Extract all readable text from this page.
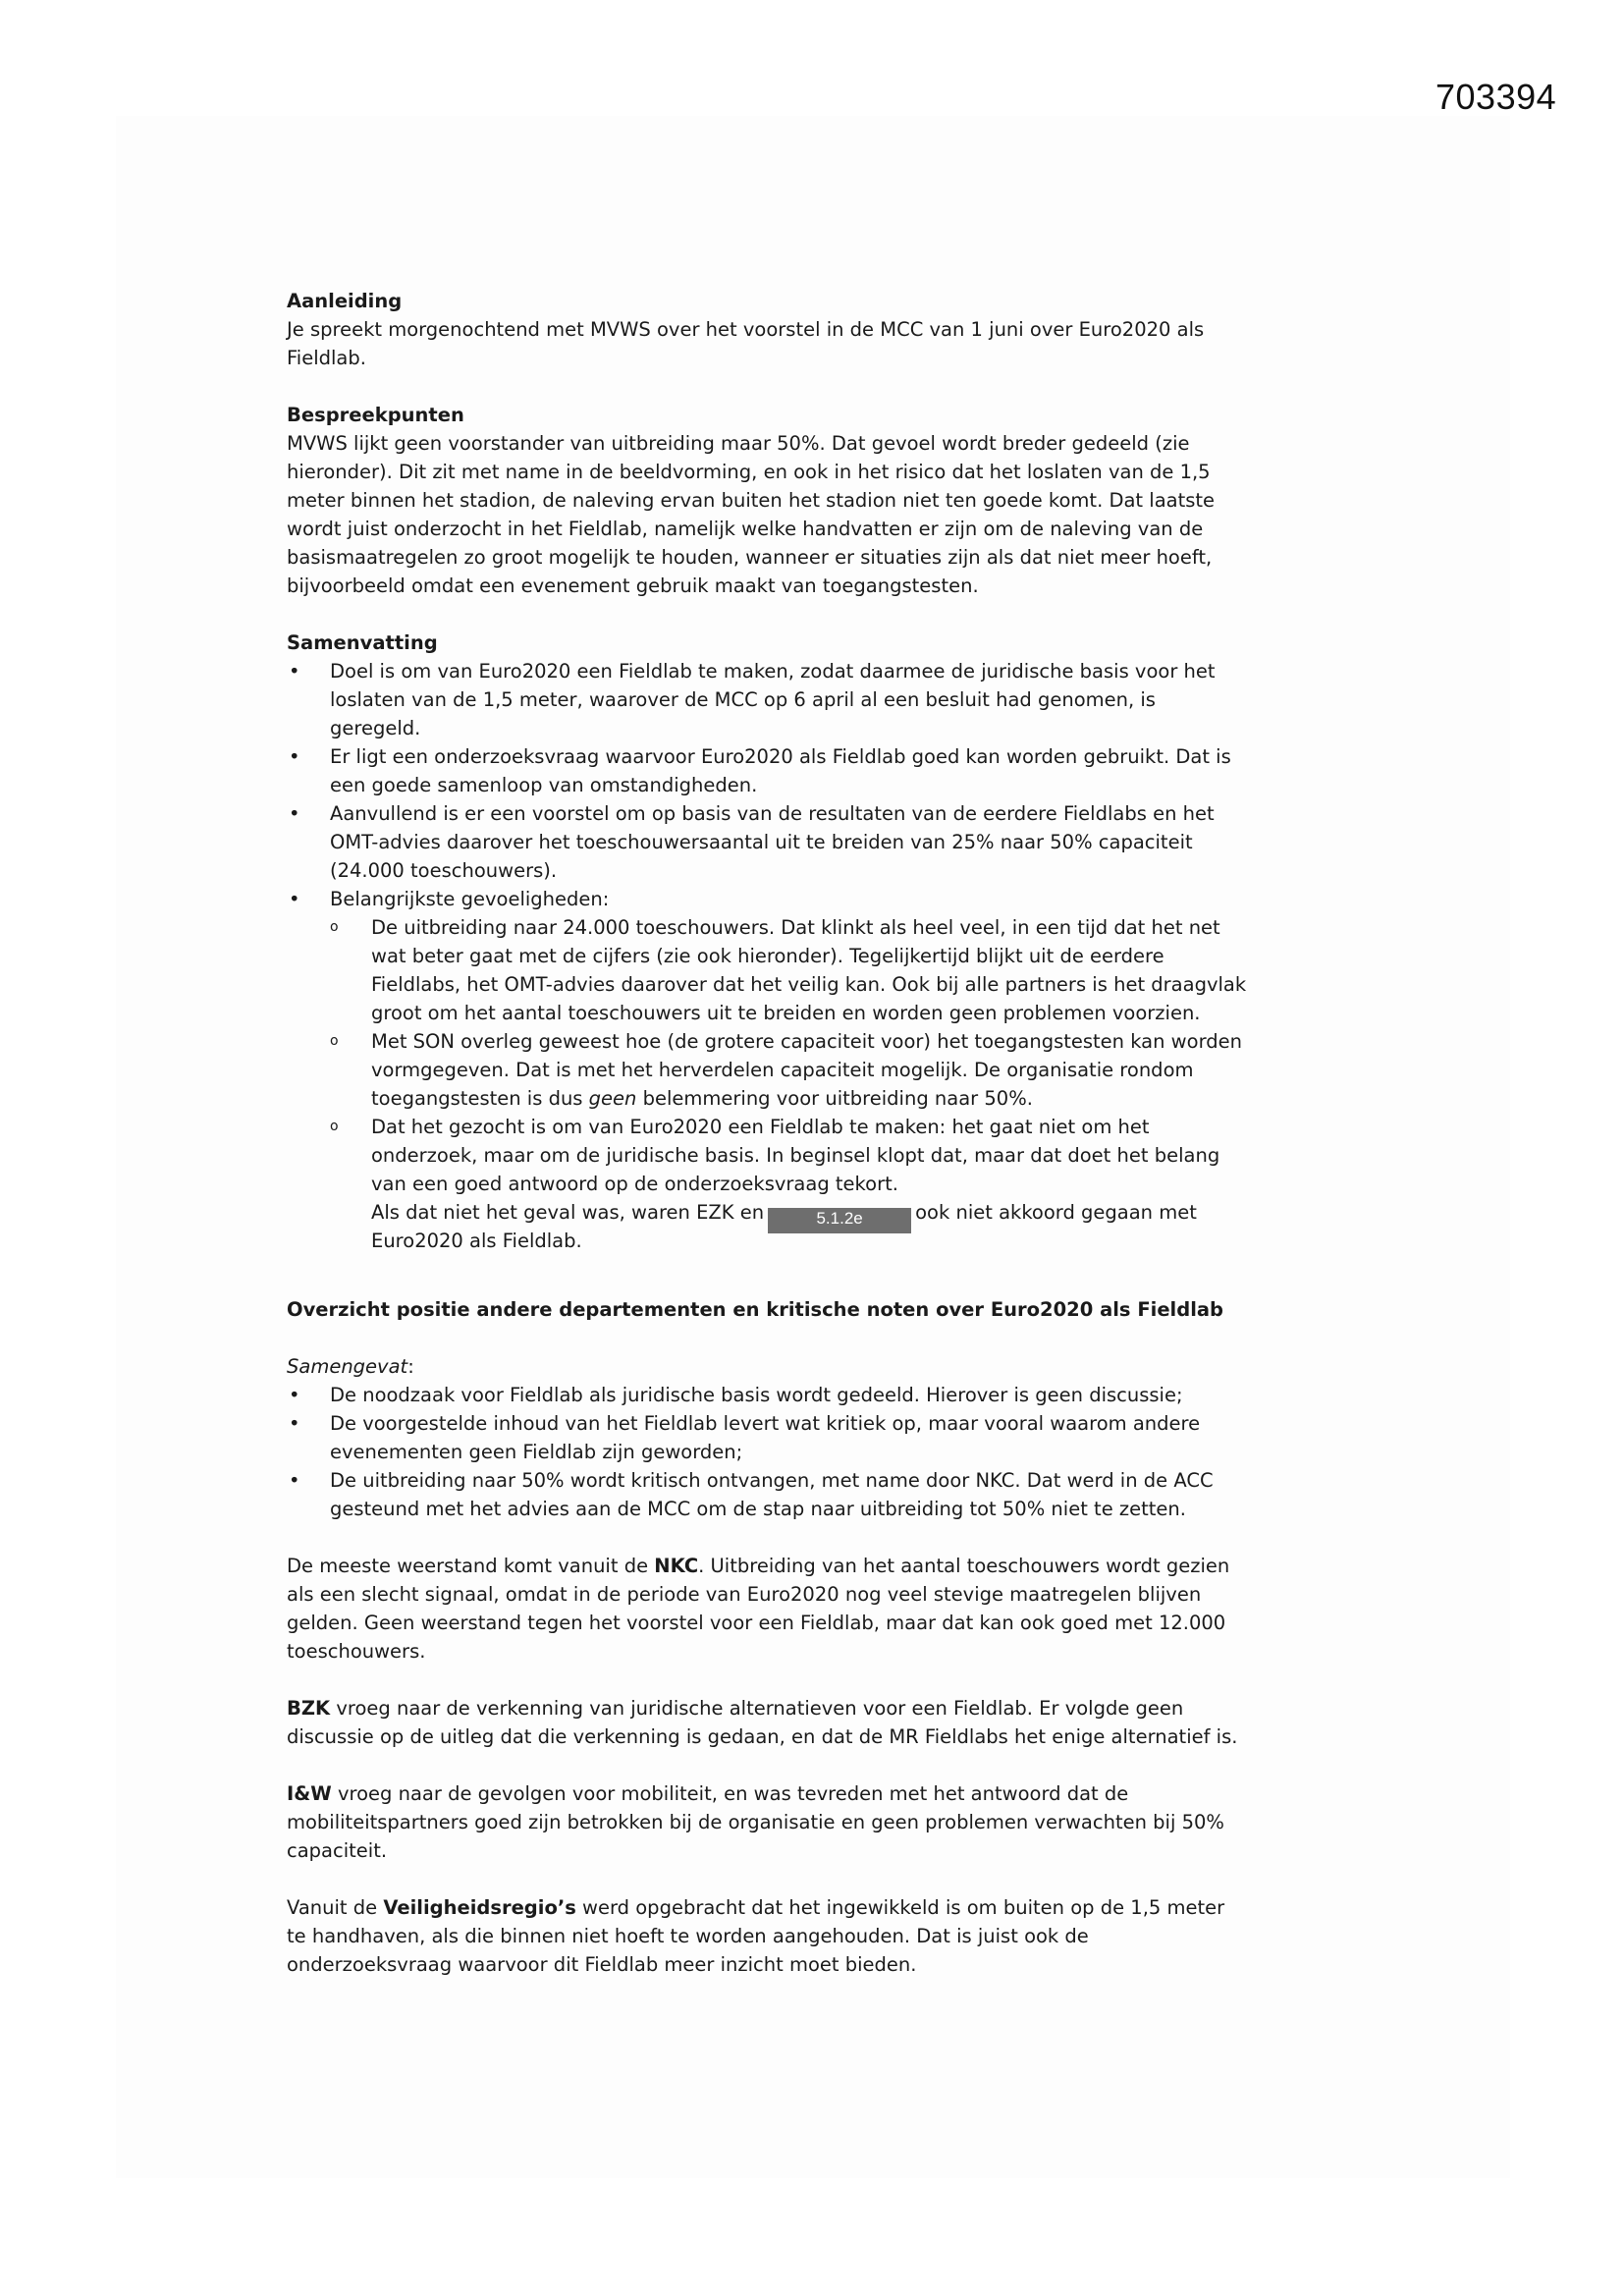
703394
Aanleiding
Je spreekt morgenochtend met MVWS over het voorstel in de MCC van 1 juni over Euro2020 als
Fieldlab.
Bespreekpunten
MVWS lijkt geen voorstander van uitbreiding maar 50%. Dat gevoel wordt breder gedeeld (zie
hieronder). Dit zit met name in de beeldvorming, en ook in het risico dat het loslaten van de 1,5
meter binnen het stadion, de naleving ervan buiten het stadion niet ten goede komt. Dat laatste
wordt juist onderzocht in het Fieldlab, namelijk welke handvatten er zijn om de naleving van de
basismaatregelen zo groot mogelijk te houden, wanneer er situaties zijn als dat niet meer hoeft,
bijvoorbeeld omdat een evenement gebruik maakt van toegangstesten.
Samenvatting
• Doel is om van Euro2020 een Fieldlab te maken, zodat daarmee de juridische basis voor het
loslaten van de 1,5 meter, waarover de MCC op 6 april al een besluit had genomen, is
geregeld.
• Er ligt een onderzoeksvraag waarvoor Euro2020 als Fieldlab goed kan worden gebruikt. Dat is
een goede samenloop van omstandigheden.
• Aanvullend is er een voorstel om op basis van de resultaten van de eerdere Fieldlabs en het
OMT-advies daarover het toeschouwersaantal uit te breiden van 25% naar 50% capaciteit
(24.000 toeschouwers).
• Belangrijkste gevoeligheden:
o De uitbreiding naar 24.000 toeschouwers. Dat klinkt als heel veel, in een tijd dat het net
wat beter gaat met de cijfers (zie ook hieronder). Tegelijkertijd blijkt uit de eerdere
Fieldlabs, het OMT-advies daarover dat het veilig kan. Ook bij alle partners is het draagvlak
groot om het aantal toeschouwers uit te breiden en worden geen problemen voorzien.
o Met SON overleg geweest hoe (de grotere capaciteit voor) het toegangstesten kan worden
vormgegeven. Dat is met het herverdelen capaciteit mogelijk. De organisatie rondom
toegangstesten is dus geen belemmering voor uitbreiding naar 50%.
o Dat het gezocht is om van Euro2020 een Fieldlab te maken: het gaat niet om het
onderzoek, maar om de juridische basis. In beginsel klopt dat, maar dat doet het belang
van een goed antwoord op de onderzoeksvraag tekort.
Als dat niet het geval was, waren EZK en	5.1.2e	ook niet akkoord gegaan met
Euro2020 als Fieldlab.
Overzicht positie andere departementen en kritische noten over Euro2020 als Fieldlab
Samengevat:
• De noodzaak voor Fieldlab als juridische basis wordt gedeeld. Hierover is geen discussie;
• De voorgestelde inhoud van het Fieldlab levert wat kritiek op, maar vooral waarom andere
evenementen geen Fieldlab zijn geworden;
• De uitbreiding naar 50% wordt kritisch ontvangen, met name door NKC. Dat werd in de ACC
gesteund met het advies aan de MCC om de stap naar uitbreiding tot 50% niet te zetten.
De meeste weerstand komt vanuit de NKC. Uitbreiding van het aantal toeschouwers wordt gezien
als een slecht signaal, omdat in de periode van Euro2020 nog veel stevige maatregelen blijven
gelden. Geen weerstand tegen het voorstel voor een Fieldlab, maar dat kan ook goed met 12.000
toeschouwers.
BZK vroeg naar de verkenning van juridische alternatieven voor een Fieldlab. Er volgde geen
discussie op de uitleg dat die verkenning is gedaan, en dat de MR Fieldlabs het enige alternatief is.
I&W vroeg naar de gevolgen voor mobiliteit, en was tevreden met het antwoord dat de
mobiliteitspartners goed zijn betrokken bij de organisatie en geen problemen verwachten bij 50%
capaciteit.
Vanuit de Veiligheidsregio’s werd opgebracht dat het ingewikkeld is om buiten op de 1,5 meter
te handhaven, als die binnen niet hoeft te worden aangehouden. Dat is juist ook de
onderzoeksvraag waarvoor dit Fieldlab meer inzicht moet bieden.
